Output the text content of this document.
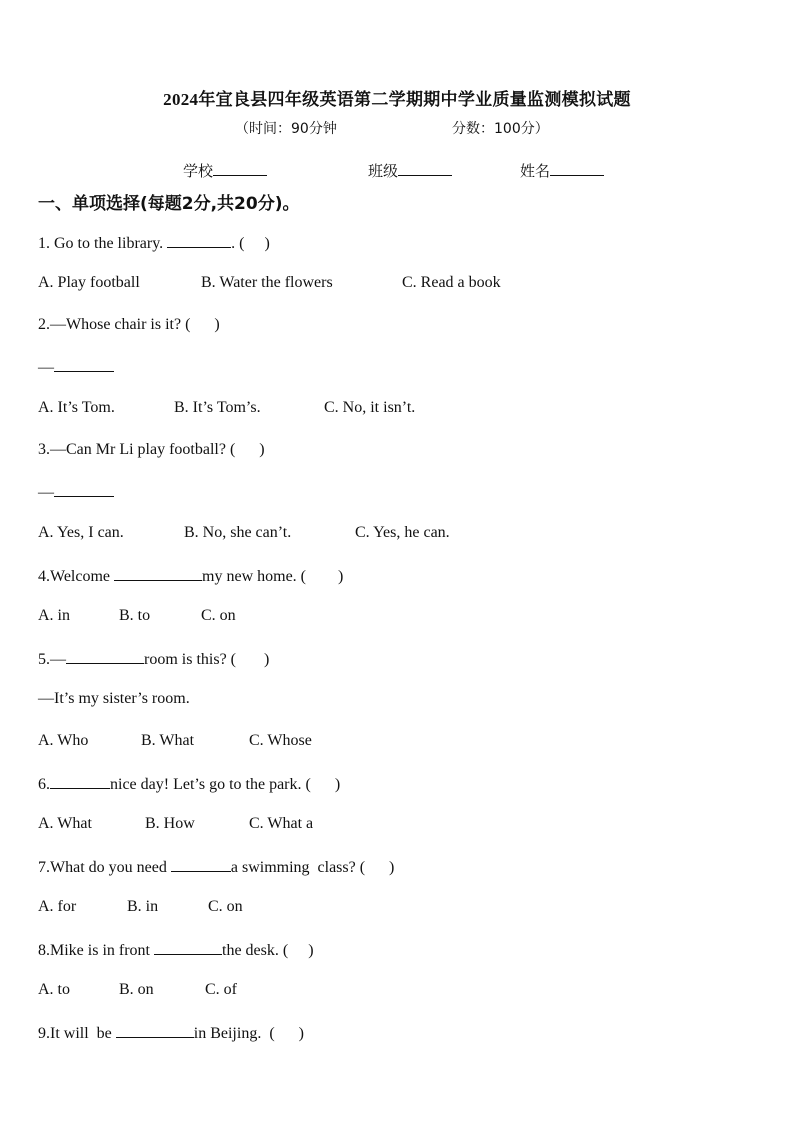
2024年宜良县四年级英语第二学期期中学业质量监测模拟试题
（时间：90分钟	分数：100分）
学校	班级	姓名
一、单项选择(每题2分,共20分)。
1. Go to the library.	. (     )
A. Play football	B. Water the flowers	C. Read a book
2.—Whose chair is it? (      )
—
A. It’s Tom.	B. It’s Tom’s.	C. No, it isn’t.
3.—Can Mr Li play football? (      )
—
A. Yes, I can.	B. No, she can’t.	C. Yes, he can.
4.Welcome	my new home. (        )
A. in	B. to	C. on
5.—	room is this? (       )
—It’s my sister’s room.
A. Who	B. What	C. Whose
6.	nice day! Let’s go to the park. (      )
A. What	B. How	C. What a
7.What do you need	a swimming  class? (      )
A. for	B. in	C. on
8.Mike is in front	the desk. (     )
A. to	B. on	C. of
9.It will  be	in Beijing.  (      )
